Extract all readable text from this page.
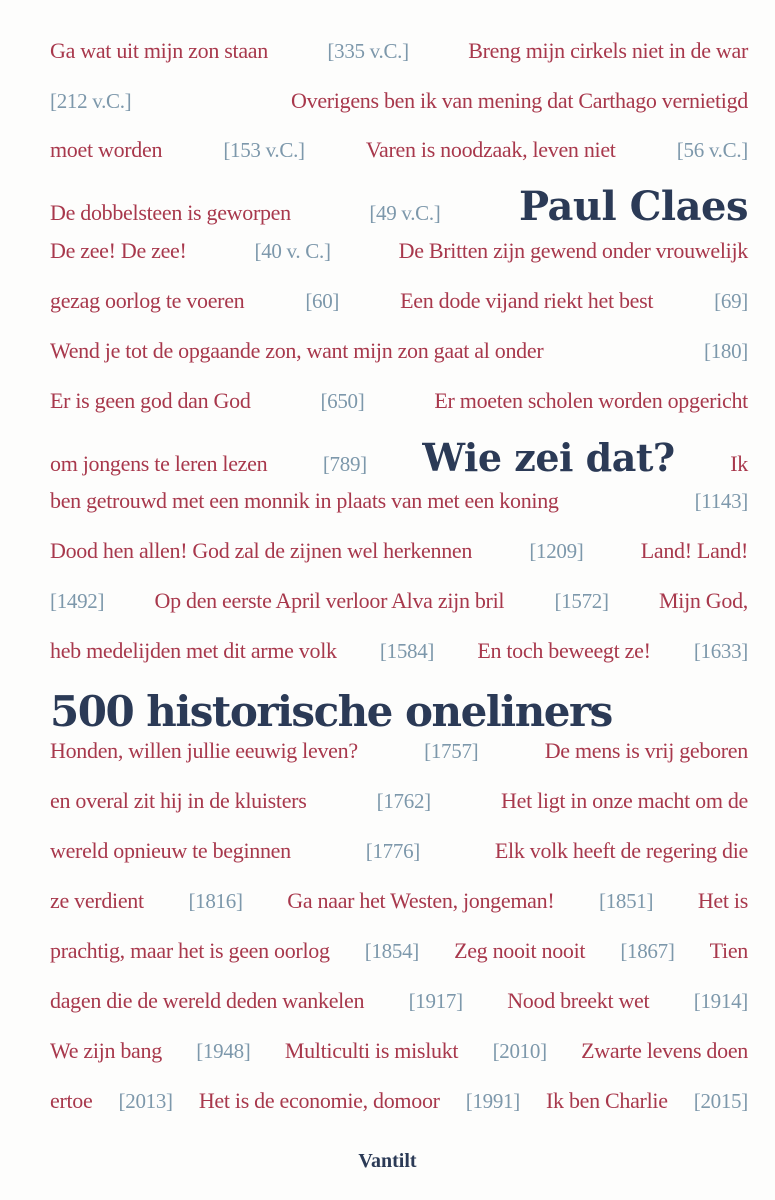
Ga wat uit mijn zon staan	[335 v.C.]	Breng mijn cirkels niet in de war
[212 v.C.]	Overigens ben ik van mening dat Carthago vernietigd
moet worden	[153 v.C.]	Varen is noodzaak, leven niet	[56 v.C.]
De dobbelsteen is geworpen	[49 v.C.] Paul Claes
De zee! De zee!	[40 v. C.]	De Britten zijn gewend onder vrouwelijk
gezag oorlog te voeren	[60]	Een dode vijand riekt het best	[69]
Wend je tot de opgaande zon, want mijn zon gaat al onder	[180]
Er is geen god dan God	[650]	Er moeten scholen worden opgericht
om jongens te leren lezen	[789] Wie zei dat?	Ik
ben getrouwd met een monnik in plaats van met een koning	[1143]
Dood hen allen! God zal de zijnen wel herkennen	[1209]	Land! Land!
[1492] Op den eerste April verloor Alva zijn bril [1572] Mijn God,
heb medelijden met dit arme volk [1584] En toch beweegt ze! [1633]
Honden, willen jullie eeuwig leven?	[1757]	De mens is vrij geboren
en overal zit hij in de kluisters	[1762]	Het ligt in onze macht om de
wereld opnieuw te beginnen	[1776]	Elk volk heeft de regering die
ze verdient [1816] Ga naar het Westen, jongeman! [1851] Het is
prachtig, maar het is geen oorlog [1854] Zeg nooit nooit [1867] Tien
dagen die de wereld deden wankelen [1917] Nood breekt wet [1914]
We zijn bang [1948] Multiculti is mislukt [2010] Zwarte levens doen
ertoe [2013] Het is de economie, domoor [1991] Ik ben Charlie [2015]
500 historische oneliners
Vantilt
